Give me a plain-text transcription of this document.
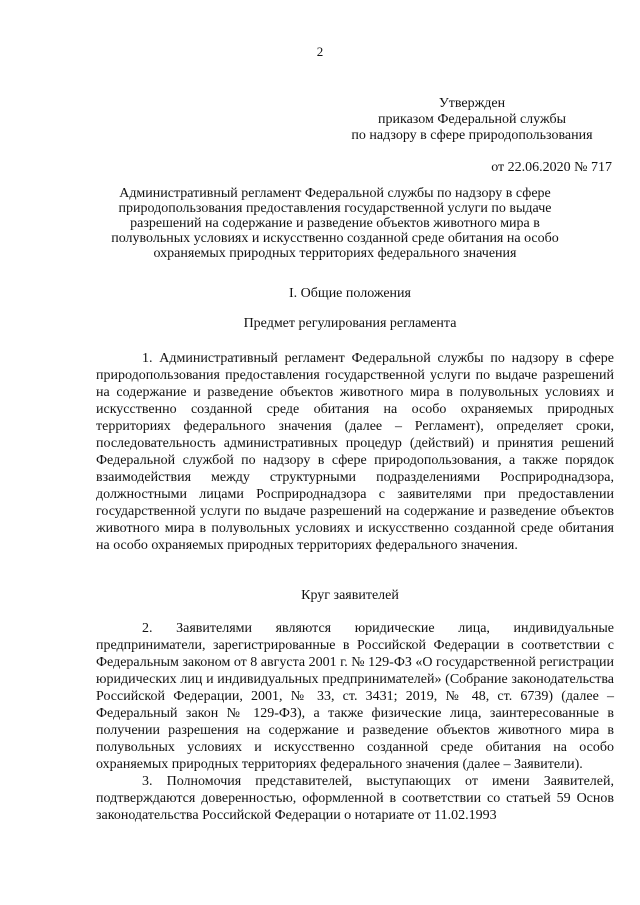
2
Утвержден
приказом Федеральной службы
по надзору в сфере природопользования
от 22.06.2020 № 717
Административный регламент Федеральной службы по надзору в сфере природопользования предоставления государственной услуги по выдаче разрешений на содержание и разведение объектов животного мира в полувольных условиях и искусственно созданной среде обитания на особо охраняемых природных территориях федерального значения
I. Общие положения
Предмет регулирования регламента

1. Административный регламент Федеральной службы по надзору в сфере природопользования предоставления государственной услуги по выдаче разрешений на содержание и разведение объектов животного мира в полувольных условиях и искусственно созданной среде обитания на особо охраняемых природных территориях федерального значения (далее – Регламент), определяет сроки, последовательность административных процедур (действий) и принятия решений Федеральной службой по надзору в сфере природопользования, а также порядок взаимодействия между структурными подразделениями Росприроднадзора, должностными лицами Росприроднадзора с заявителями при предоставлении государственной услуги по выдаче разрешений на содержание и разведение объектов животного мира в полувольных условиях и искусственно созданной среде обитания на особо охраняемых природных территориях федерального значения.

Круг заявителей

2. Заявителями являются юридические лица, индивидуальные предприниматели, зарегистрированные в Российской Федерации в соответствии с Федеральным законом от 8 августа 2001 г. № 129-ФЗ «О государственной регистрации юридических лиц и индивидуальных предпринимателей» (Собрание законодательства Российской Федерации, 2001, № 33, ст. 3431; 2019, № 48, ст. 6739) (далее – Федеральный закон № 129-ФЗ), а также физические лица, заинтересованные в получении разрешения на содержание и разведение объектов животного мира в полувольных условиях и искусственно созданной среде обитания на особо охраняемых природных территориях федерального значения (далее – Заявители).

3. Полномочия представителей, выступающих от имени Заявителей, подтверждаются доверенностью, оформленной в соответствии со статьей 59 Основ законодательства Российской Федерации о нотариате от 11.02.1993
